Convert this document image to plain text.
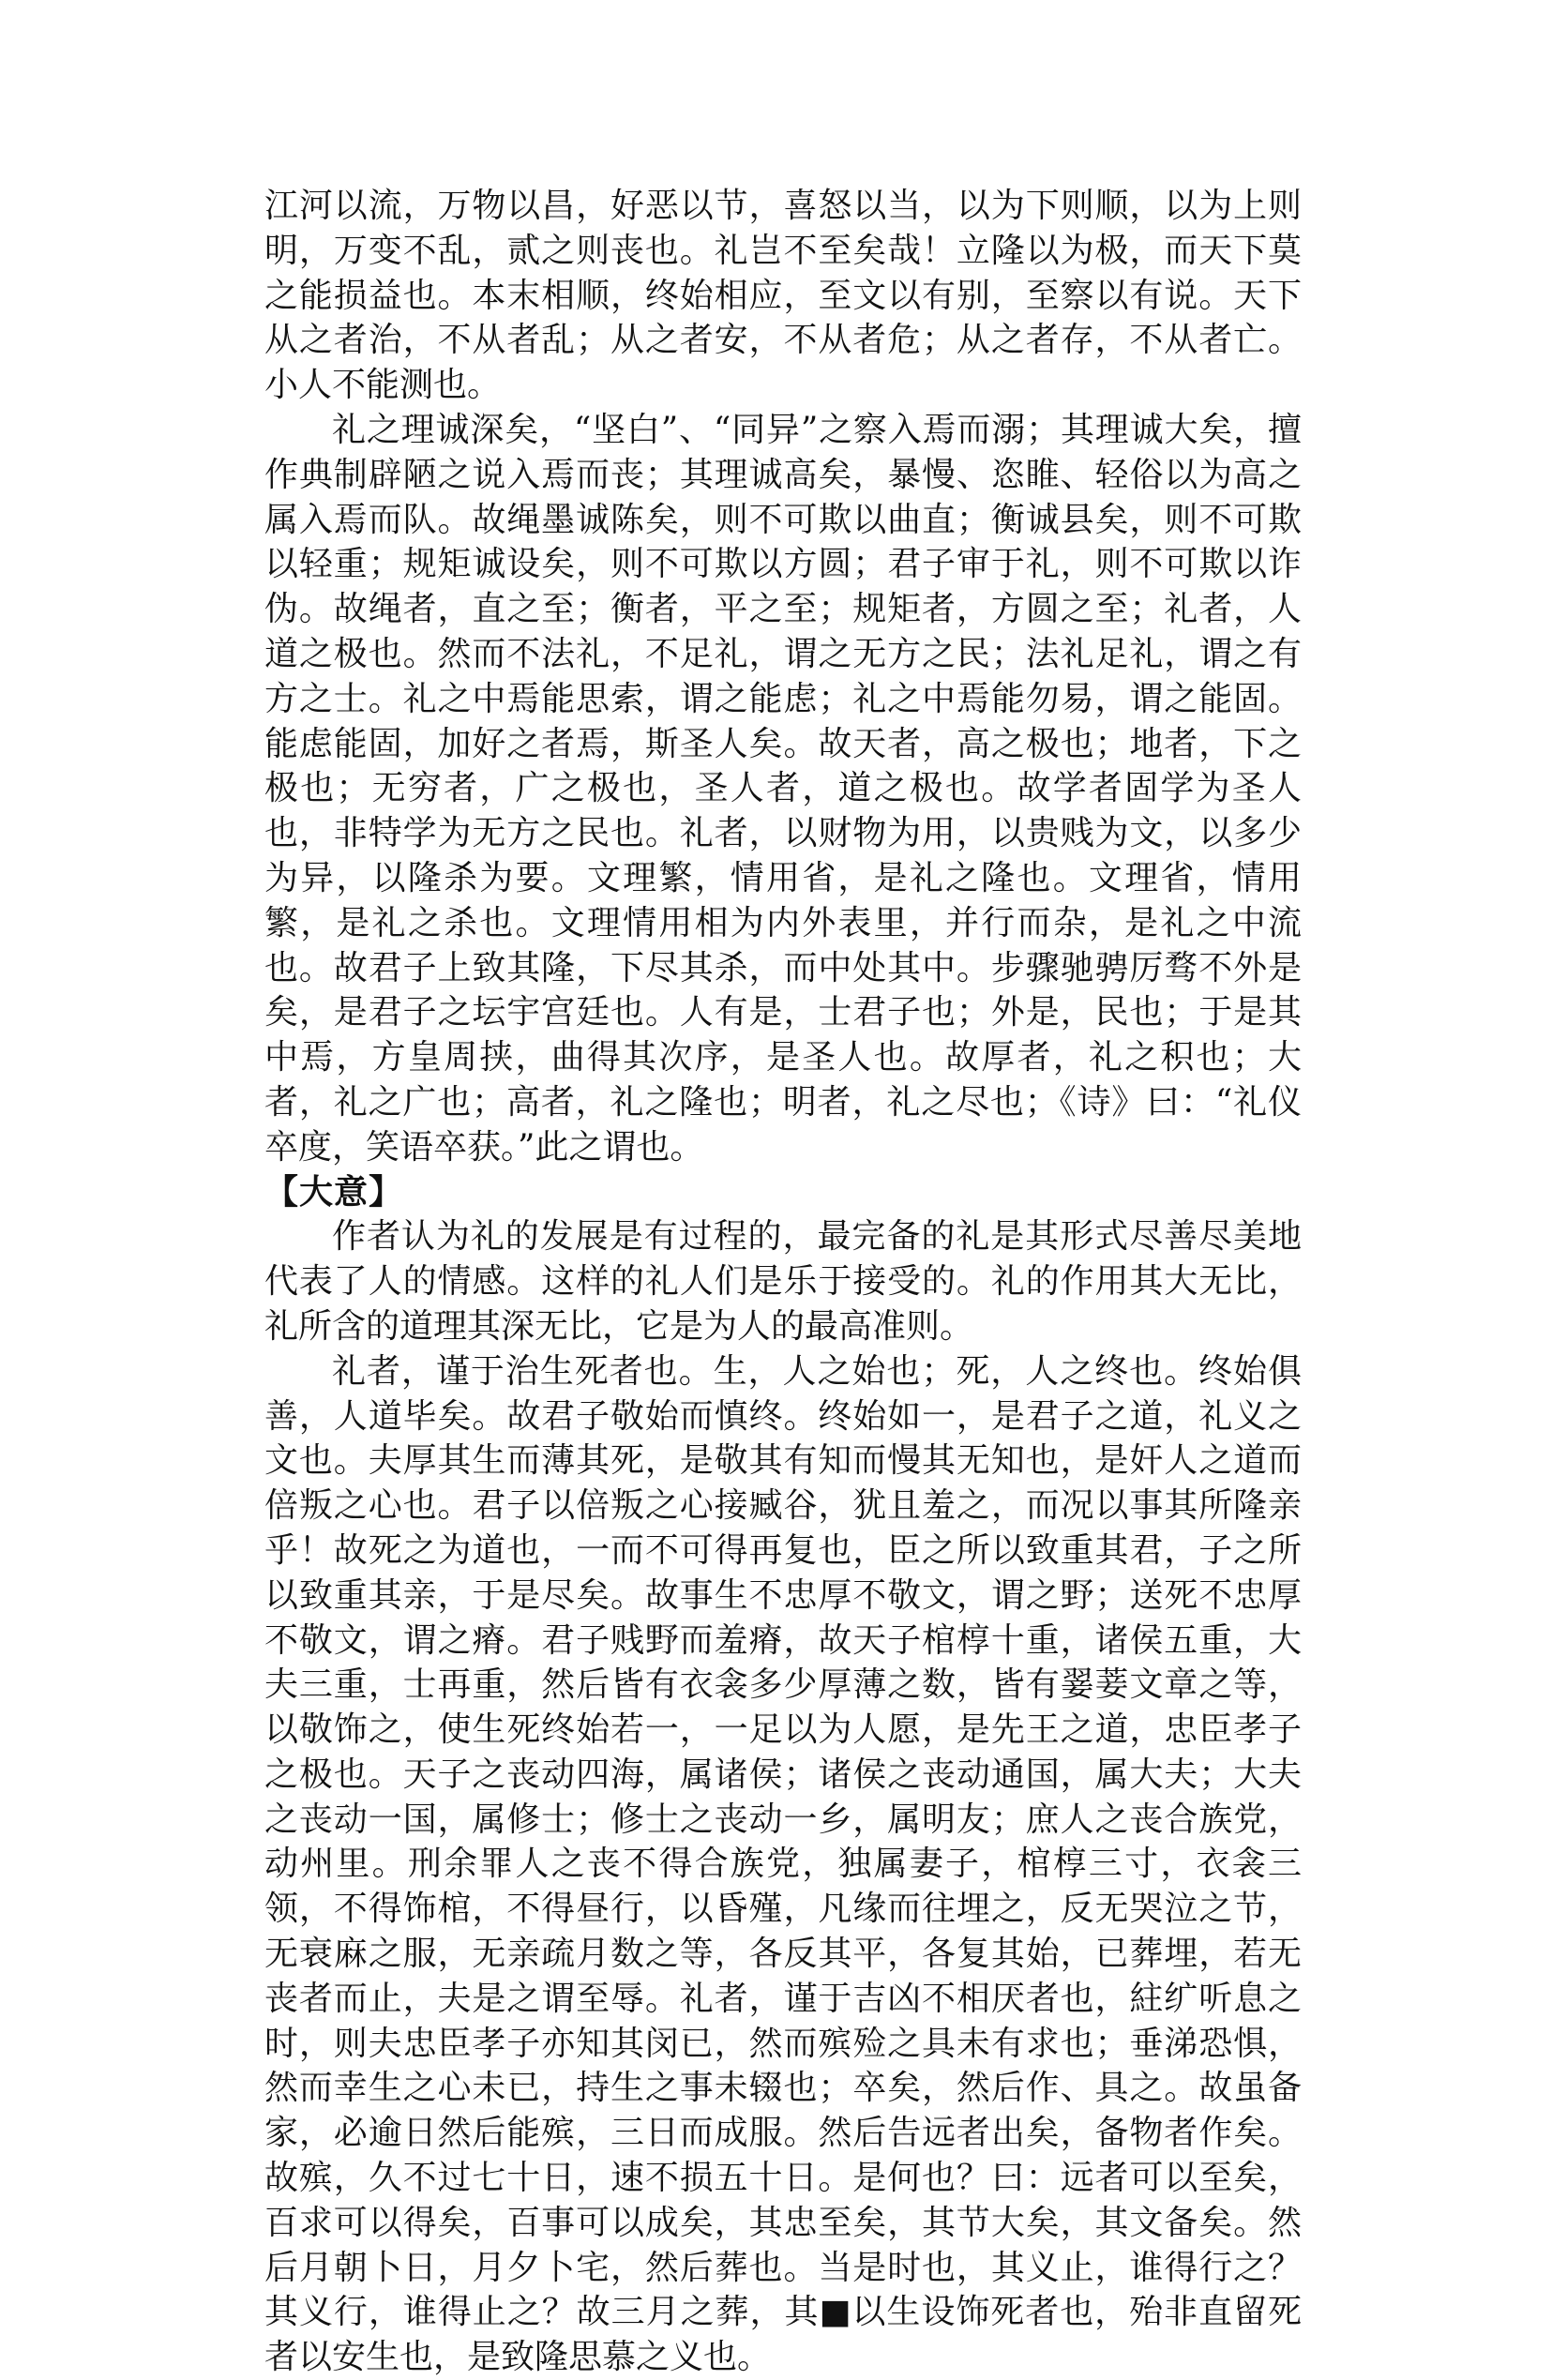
江河以流，万物以昌，好恶以节，喜怒以当，以为下则顺，以为上则明，万变不乱，贰之则丧也。礼岂不至矣哉！立隆以为极，而天下莫之能损益也。本末相顺，终始相应，至文以有别，至察以有说。天下从之者治，不从者乱；从之者安，不从者危；从之者存，不从者亡。小人不能测也。

礼之理诚深矣，“坚白”、“同异”之察入焉而溺；其理诚大矣，擅作典制辟陋之说入焉而丧；其理诚高矣，暴慢、恣睢、轻俗以为高之属入焉而队。故绳墨诚陈矣，则不可欺以曲直；衡诚县矣，则不可欺以轻重；规矩诚设矣，则不可欺以方圆；君子审于礼，则不可欺以诈伪。故绳者，直之至；衡者，平之至；规矩者，方圆之至；礼者，人道之极也。然而不法礼，不足礼，谓之无方之民；法礼足礼，谓之有方之士。礼之中焉能思索，谓之能虑；礼之中焉能勿易，谓之能固。能虑能固，加好之者焉，斯圣人矣。故天者，高之极也；地者，下之极也；无穷者，广之极也，圣人者，道之极也。故学者固学为圣人也，非特学为无方之民也。礼者，以财物为用，以贵贱为文，以多少为异，以隆杀为要。文理繁，情用省，是礼之隆也。文理省，情用繁，是礼之杀也。文理情用相为内外表里，并行而杂，是礼之中流也。故君子上致其隆，下尽其杀，而中处其中。步骤驰骋厉骛不外是矣，是君子之坛宇宫廷也。人有是，士君子也；外是，民也；于是其中焉，方皇周挟，曲得其次序，是圣人也。故厚者，礼之积也；大者，礼之广也；高者，礼之隆也；明者，礼之尽也；《诗》曰：“礼仪卒度，笑语卒获。”此之谓也。

【大意】

作者认为礼的发展是有过程的，最完备的礼是其形式尽善尽美地代表了人的情感。这样的礼人们是乐于接受的。礼的作用其大无比，礼所含的道理其深无比，它是为人的最高准则。

礼者，谨于治生死者也。生，人之始也；死，人之终也。终始俱善，人道毕矣。故君子敬始而慎终。终始如一，是君子之道，礼义之文也。夫厚其生而薄其死，是敬其有知而慢其无知也，是奸人之道而倍叛之心也。君子以倍叛之心接臧谷，犹且羞之，而况以事其所隆亲乎！故死之为道也，一而不可得再复也，臣之所以致重其君，子之所以致重其亲，于是尽矣。故事生不忠厚不敬文，谓之野；送死不忠厚不敬文，谓之瘠。君子贱野而羞瘠，故天子棺椁十重，诸侯五重，大夫三重，士再重，然后皆有衣衾多少厚薄之数，皆有翣菨文章之等，以敬饰之，使生死终始若一，一足以为人愿，是先王之道，忠臣孝子之极也。天子之丧动四海，属诸侯；诸侯之丧动通国，属大夫；大夫之丧动一国，属修士；修士之丧动一乡，属明友；庶人之丧合族党，动州里。刑余罪人之丧不得合族党，独属妻子，棺椁三寸，衣衾三领，不得饰棺，不得昼行，以昏殣，凡缘而往埋之，反无哭泣之节，无衰麻之服，无亲疏月数之等，各反其平，各复其始，已葬埋，若无丧者而止，夫是之谓至辱。礼者，谨于吉凶不相厌者也，紸纩听息之时，则夫忠臣孝子亦知其闵已，然而殡殓之具未有求也；垂涕恐惧，然而幸生之心未已，持生之事未辍也；卒矣，然后作、具之。故虽备家，必逾日然后能殡，三日而成服。然后告远者出矣，备物者作矣。故殡，久不过七十日，速不损五十日。是何也？曰：远者可以至矣，百求可以得矣，百事可以成矣，其忠至矣，其节大矣，其文备矣。然后月朝卜日，月夕卜宅，然后葬也。当是时也，其义止，谁得行之？其义行，谁得止之？故三月之葬，其■以生设饰死者也，殆非直留死者以安生也，是致隆思慕之义也。
